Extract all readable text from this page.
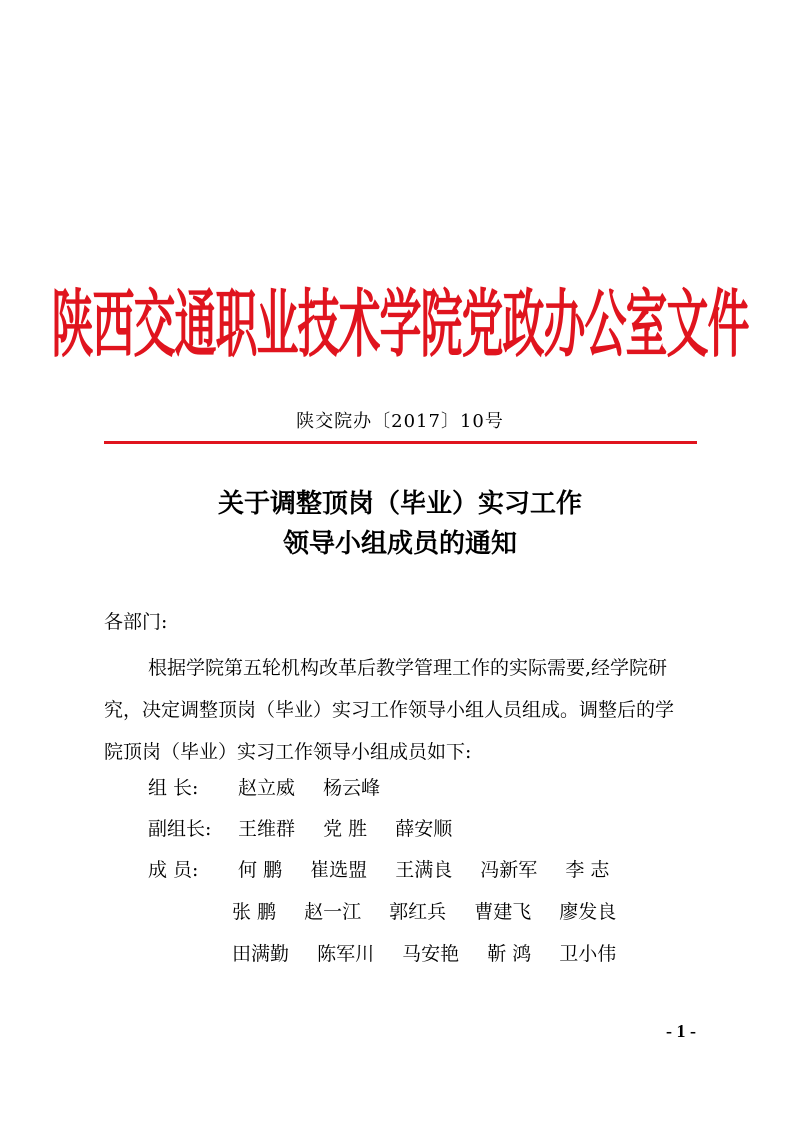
陕西交通职业技术学院党政办公室文件
陕交院办〔2017〕10号
关于调整顶岗（毕业）实习工作
领导小组成员的通知
各部门:
根据学院第五轮机构改革后教学管理工作的实际需要,经学院研
究，决定调整顶岗（毕业）实习工作领导小组人员组成。调整后的学
院顶岗（毕业）实习工作领导小组成员如下:
组 长: 赵立威 杨云峰
副组长: 王维群 党 胜 薛安顺
成 员: 何 鹏 崔选盟 王满良 冯新军 李 志
张 鹏 赵一江 郭红兵 曹建飞 廖发良
田满勤 陈军川 马安艳 靳 鸿 卫小伟
- 1 -
